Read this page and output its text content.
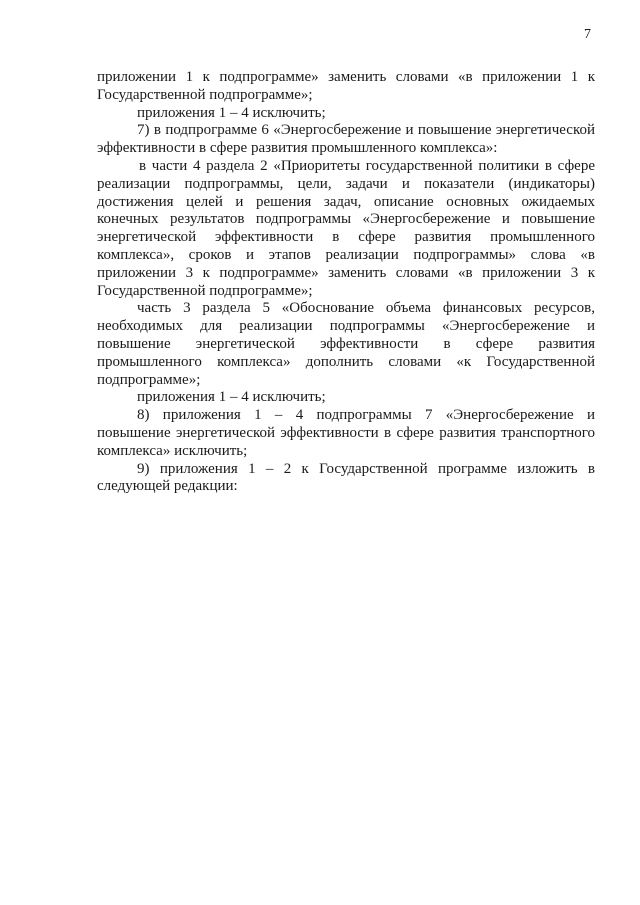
7

приложении 1 к подпрограмме» заменить словами «в приложении 1 к Государственной подпрограмме»;

приложения 1 – 4 исключить;

7) в подпрограмме 6 «Энергосбережение и повышение энергетической эффективности в сфере развития промышленного комплекса»:

в части 4 раздела 2 «Приоритеты государственной политики в сфере реализации подпрограммы, цели, задачи и показатели (индикаторы) достижения целей и решения задач, описание основных ожидаемых конечных результатов подпрограммы «Энергосбережение и повышение энергетической эффективности в сфере развития промышленного комплекса», сроков и этапов реализации подпрограммы» слова «в приложении 3 к подпрограмме» заменить словами «в приложении 3 к Государственной подпрограмме»;

часть 3 раздела 5 «Обоснование объема финансовых ресурсов, необходимых для реализации подпрограммы «Энергосбережение и повышение энергетической эффективности в сфере развития промышленного комплекса» дополнить словами «к Государственной подпрограмме»;

приложения 1 – 4 исключить;

8) приложения 1 – 4 подпрограммы 7 «Энергосбережение и повышение энергетической эффективности в сфере развития транспортного комплекса» исключить;

9) приложения 1 – 2 к Государственной программе изложить в следующей редакции:
